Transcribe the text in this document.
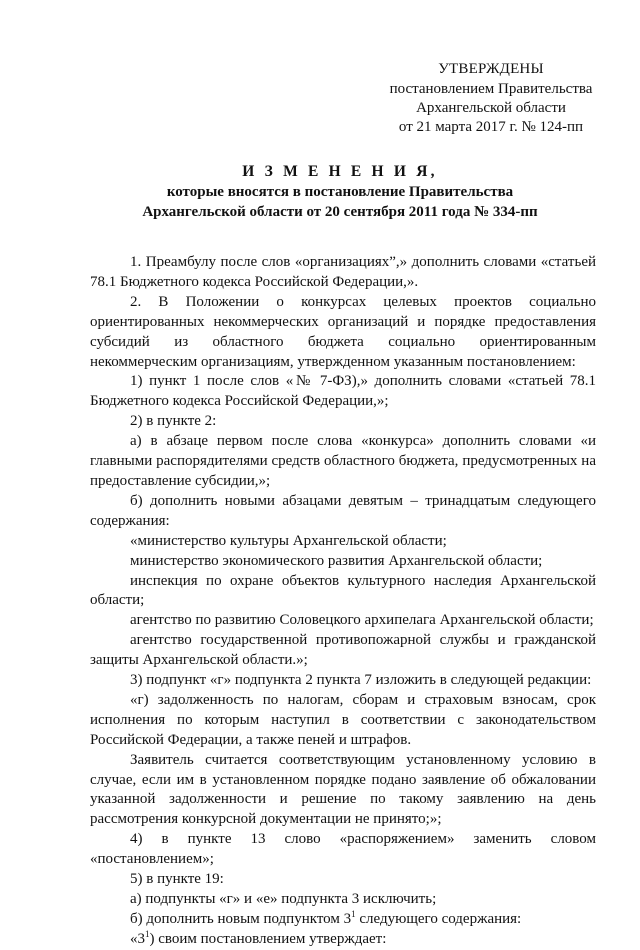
УТВЕРЖДЕНЫ
постановлением Правительства
Архангельской области
от 21 марта 2017 г. № 124-пп
И З М Е Н Е Н И Я,
которые вносятся в постановление Правительства
Архангельской области от 20 сентября 2011 года № 334-пп

1. Преамбулу после слов «организациях”,» дополнить словами «статьей 78.1 Бюджетного кодекса Российской Федерации,».

2. В Положении о конкурсах целевых проектов социально ориентированных некоммерческих организаций и порядке предоставления субсидий из областного бюджета социально ориентированным некоммерческим организациям, утвержденном указанным постановлением:

1) пункт 1 после слов «№ 7-ФЗ),» дополнить словами «статьей 78.1 Бюджетного кодекса Российской Федерации,»;

2) в пункте 2:

а) в абзаце первом после слова «конкурса» дополнить словами «и главными распорядителями средств областного бюджета, предусмотренных на предоставление субсидии,»;

б) дополнить новыми абзацами девятым – тринадцатым следующего содержания:

«министерство культуры Архангельской области;

министерство экономического развития Архангельской области;

инспекция по охране объектов культурного наследия Архангельской области;

агентство по развитию Соловецкого архипелага Архангельской области;

агентство государственной противопожарной службы и гражданской защиты Архангельской области.»;

3) подпункт «г» подпункта 2 пункта 7 изложить в следующей редакции:

«г) задолженность по налогам, сборам и страховым взносам, срок исполнения по которым наступил в соответствии с законодательством Российской Федерации, а также пеней и штрафов.

Заявитель считается соответствующим установленному условию в случае, если им в установленном порядке подано заявление об обжаловании указанной задолженности и решение по такому заявлению на день рассмотрения конкурсной документации не принято;»;

4) в пункте 13 слово «распоряжением» заменить словом «постановлением»;

5) в пункте 19:

а) подпункты «г» и «е» подпункта 3 исключить;

б) дополнить новым подпунктом $3^1$ следующего содержания:

«$3^1$) своим постановлением утверждает:
